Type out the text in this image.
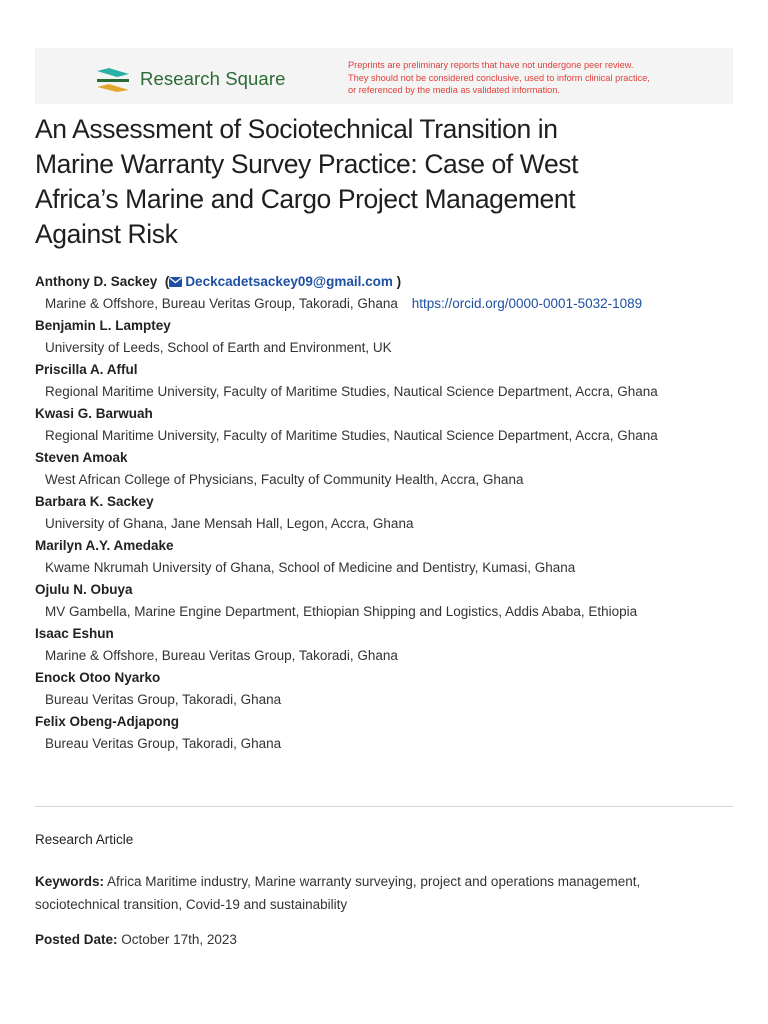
Research Square
Preprints are preliminary reports that have not undergone peer review.
They should not be considered conclusive, used to inform clinical practice,
or referenced by the media as validated information.
An Assessment of Sociotechnical Transition in
Marine Warranty Survey Practice: Case of West
Africa’s Marine and Cargo Project Management
Against Risk
Anthony D. Sackey  ( Deckcadetsackey09@gmail.com )
Marine & Offshore, Bureau Veritas Group, Takoradi, Ghana https://orcid.org/0000-0001-5032-1089
Benjamin L. Lamptey
University of Leeds, School of Earth and Environment, UK
Priscilla A. Afful
Regional Maritime University, Faculty of Maritime Studies, Nautical Science Department, Accra, Ghana
Kwasi G. Barwuah
Regional Maritime University, Faculty of Maritime Studies, Nautical Science Department, Accra, Ghana
Steven Amoak
West African College of Physicians, Faculty of Community Health, Accra, Ghana
Barbara K. Sackey
University of Ghana, Jane Mensah Hall, Legon, Accra, Ghana
Marilyn A.Y. Amedake
Kwame Nkrumah University of Ghana, School of Medicine and Dentistry, Kumasi, Ghana
Ojulu N. Obuya
MV Gambella, Marine Engine Department, Ethiopian Shipping and Logistics, Addis Ababa, Ethiopia
Isaac Eshun
Marine & Offshore, Bureau Veritas Group, Takoradi, Ghana
Enock Otoo Nyarko
Bureau Veritas Group, Takoradi, Ghana
Felix Obeng-Adjapong
Bureau Veritas Group, Takoradi, Ghana
Research Article
Keywords: Africa Maritime industry, Marine warranty surveying, project and operations management, sociotechnical transition, Covid-19 and sustainability
Posted Date: October 17th, 2023
